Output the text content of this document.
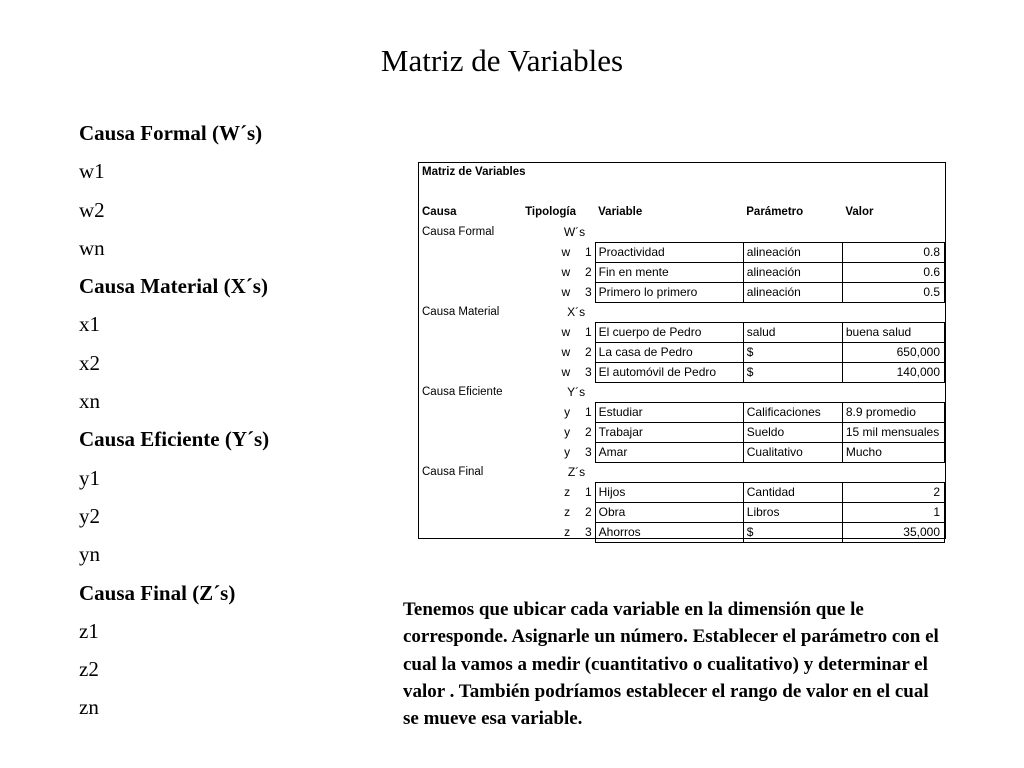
Matriz de Variables
Causa Formal (W´s)
w1
w2
wn
Causa Material (X´s)
x1
x2
xn
Causa Eficiente (Y´s)
y1
y2
yn
Causa Final (Z´s)
z1
z2
zn
Matriz de Variables					

Causa	Tipología		Variable	Parámetro	Valor
Causa Formal	W´s				
	w	1	Proactividad	alineación	0.8
	w	2	Fin en mente	alineación	0.6
	w	3	Primero lo primero	alineación	0.5
Causa Material	X´s				
	w	1	El cuerpo de Pedro	salud	buena salud
	w	2	La casa de Pedro	$	650,000
	w	3	El automóvil de Pedro	$	140,000
Causa Eficiente	Y´s				
	y	1	Estudiar	Calificaciones	8.9 promedio
	y	2	Trabajar	Sueldo	15 mil mensuales
	y	3	Amar	Cualitativo	Mucho
Causa Final	Z´s				
	z	1	Hijos	Cantidad	2
	z	2	Obra	Libros	1
	z	3	Ahorros	$	35,000
Tenemos que ubicar cada variable en la dimensión que le corresponde. Asignarle un número. Establecer el parámetro con el cual la vamos a medir (cuantitativo o cualitativo) y determinar el valor . También podríamos establecer el rango de valor en el cual se mueve esa variable.
